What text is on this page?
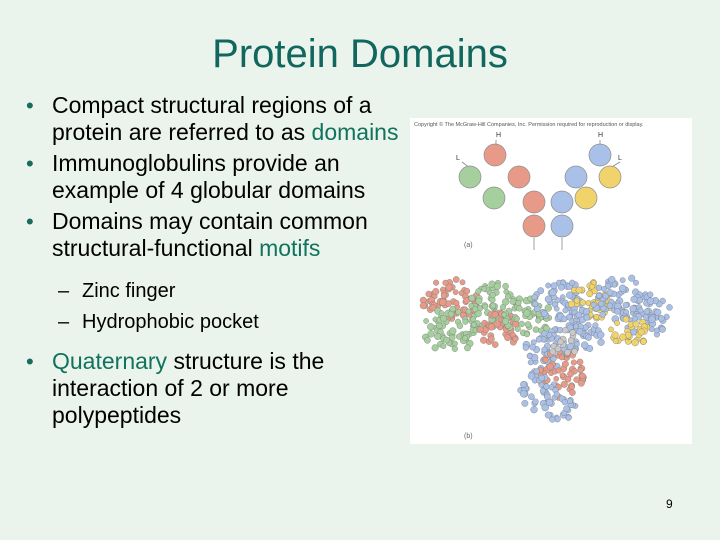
Protein Domains
• Compact structural regions of a protein are referred to as domains
• Immunoglobulins provide an example of 4 globular domains
• Domains may contain common structural-functional motifs
– Zinc finger
– Hydrophobic pocket
• Quaternary structure is the interaction of 2 or more polypeptides
Copyright © The McGraw-Hill Companies, Inc. Permission required for reproduction or display.
H	H
L	L
(a)
(b)
9
